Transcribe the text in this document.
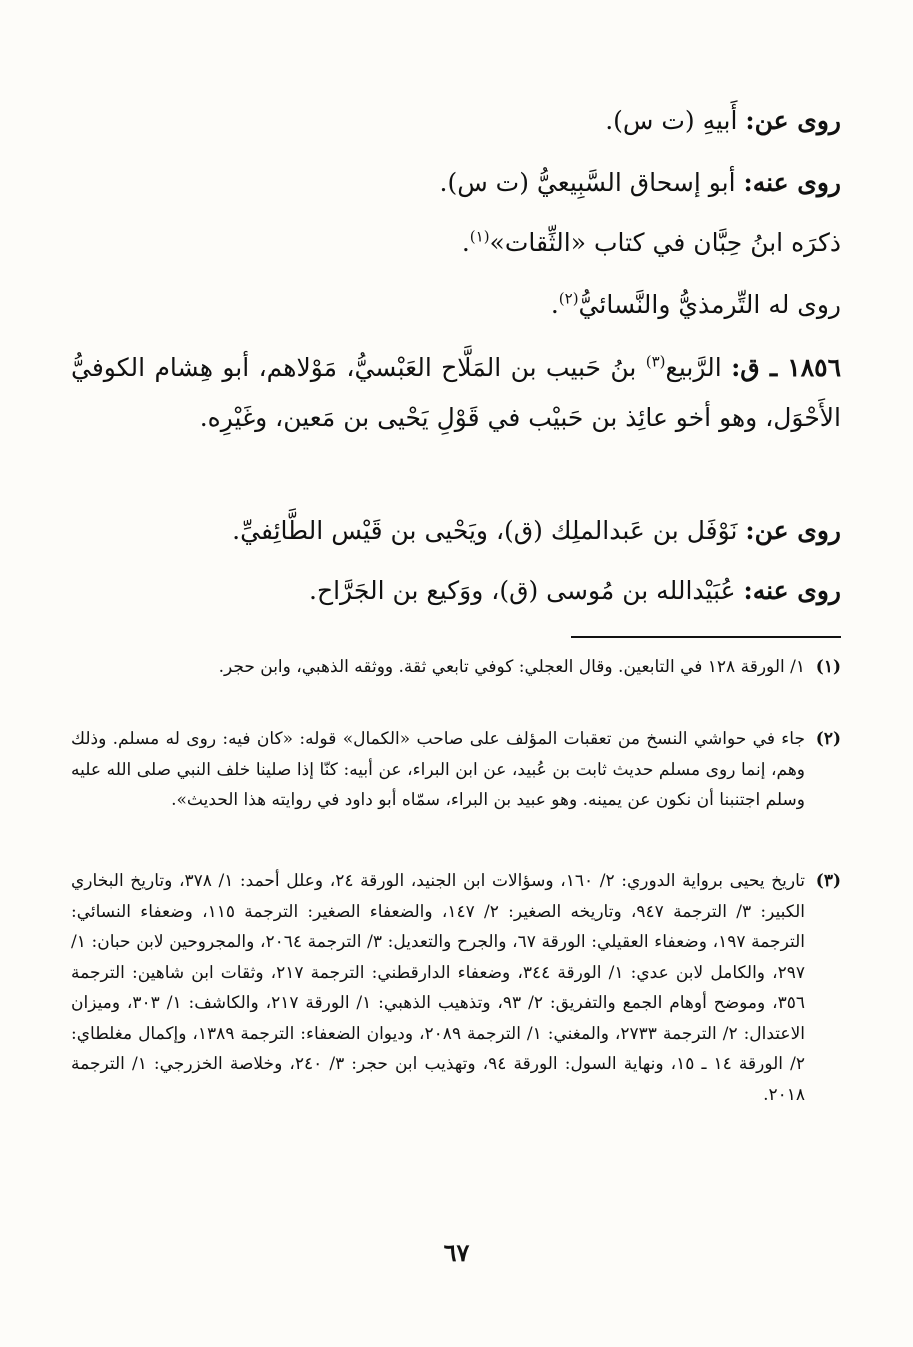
روى عن: أَبيهِ (ت س).
روى عنه: أبو إسحاق السَّبِيعيُّ (ت س).
ذكرَه ابنُ حِبَّان في كتاب «الثِّقات»$^{(١)}$.
روى له التِّرمذيُّ والنَّسائيُّ$^{(٢)}$.
١٨٥٦ ـ ق: الرَّبيع$^{(٣)}$ بنُ حَبيب بن المَلَّاح العَبْسيُّ، مَوْلاهم، أبو هِشام الكوفيُّ الأَحْوَل، وهو أخو عائِذ بن حَبيْب في قَوْلِ يَحْيى بن مَعين، وغَيْرِه.
روى عن: نَوْفَل بن عَبدالملِك (ق)، ويَحْيى بن قَيْس الطَّائِفيِّ.
روى عنه: عُبَيْدالله بن مُوسى (ق)، ووَكيع بن الجَرَّاح.
(١)
١/ الورقة ١٢٨ في التابعين. وقال العجلي: كوفي تابعي ثقة. ووثقه الذهبي، وابن حجر.
(٢)
جاء في حواشي النسخ من تعقبات المؤلف على صاحب «الكمال» قوله: «كان فيه: روى له مسلم. وذلك وهم، إنما روى مسلم حديث ثابت بن عُبيد، عن ابن البراء، عن أبيه: كنّا إذا صلينا خلف النبي صلى الله عليه وسلم اجتنبنا أن نكون عن يمينه. وهو عبيد بن البراء، سمّاه أبو داود في روايته هذا الحديث».
(٣)
تاريخ يحيى برواية الدوري: ٢/ ١٦٠، وسؤالات ابن الجنيد، الورقة ٢٤، وعلل أحمد: ١/ ٣٧٨، وتاريخ البخاري الكبير: ٣/ الترجمة ٩٤٧، وتاريخه الصغير: ٢/ ١٤٧، والضعفاء الصغير: الترجمة ١١٥، وضعفاء النسائي: الترجمة ١٩٧، وضعفاء العقيلي: الورقة ٦٧، والجرح والتعديل: ٣/ الترجمة ٢٠٦٤، والمجروحين لابن حبان: ١/ ٢٩٧، والكامل لابن عدي: ١/ الورقة ٣٤٤، وضعفاء الدارقطني: الترجمة ٢١٧، وثقات ابن شاهين: الترجمة ٣٥٦، وموضح أوهام الجمع والتفريق: ٢/ ٩٣، وتذهيب الذهبي: ١/ الورقة ٢١٧، والكاشف: ١/ ٣٠٣، وميزان الاعتدال: ٢/ الترجمة ٢٧٣٣، والمغني: ١/ الترجمة ٢٠٨٩، وديوان الضعفاء: الترجمة ١٣٨٩، وإكمال مغلطاي: ٢/ الورقة ١٤ ـ ١٥، ونهاية السول: الورقة ٩٤، وتهذيب ابن حجر: ٣/ ٢٤٠، وخلاصة الخزرجي: ١/ الترجمة ٢٠١٨.
٦٧
